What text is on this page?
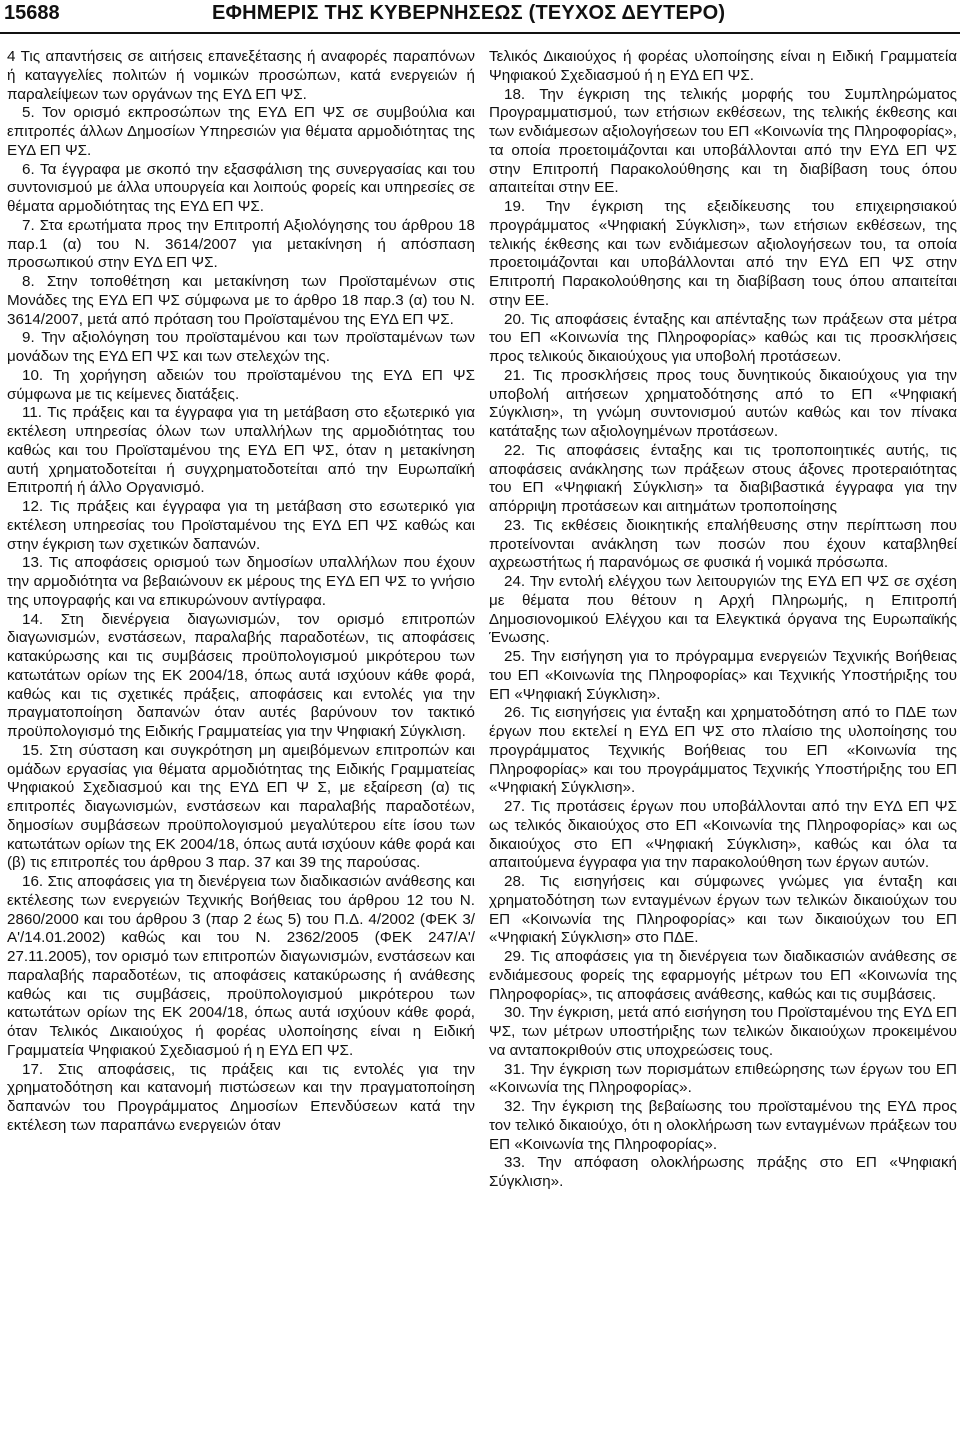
15688	ΕΦΗΜΕΡΙΣ ΤΗΣ ΚΥΒΕΡΝΗΣΕΩΣ (ΤΕΥΧΟΣ ΔΕΥΤΕΡΟ)

4 Τις απαντήσεις σε αιτήσεις επανεξέτασης ή αναφορές παραπόνων ή καταγγελίες πολιτών ή νομικών προσώπων, κατά ενεργειών ή παραλείψεων των οργάνων της ΕΥΔ ΕΠ ΨΣ.

5. Τον ορισμό εκπροσώπων της ΕΥΔ ΕΠ ΨΣ σε συμβούλια και επιτροπές άλλων Δημοσίων Υπηρεσιών για θέματα αρμοδιότητας της ΕΥΔ ΕΠ ΨΣ.

6. Τα έγγραφα με σκοπό την εξασφάλιση της συνεργασίας και του συντονισμού με άλλα υπουργεία και λοιπούς φορείς και υπηρεσίες σε θέματα αρμοδιότητας της ΕΥΔ ΕΠ ΨΣ.

7. Στα ερωτήματα προς την Επιτροπή Αξιολόγησης του άρθρου 18 παρ.1 (α) του Ν. 3614/2007 για μετακίνηση ή απόσπαση προσωπικού στην ΕΥΔ ΕΠ ΨΣ.

8. Στην τοποθέτηση και μετακίνηση των Προϊσταμένων στις Μονάδες της ΕΥΔ ΕΠ ΨΣ σύμφωνα με το άρθρο 18 παρ.3 (α) του Ν. 3614/2007, μετά από πρόταση του Προϊσταμένου της ΕΥΔ ΕΠ ΨΣ.

9. Την αξιολόγηση του προϊσταμένου και των προϊσταμένων των μονάδων της ΕΥΔ ΕΠ ΨΣ και των στελεχών της.

10. Τη χορήγηση αδειών του προϊσταμένου της ΕΥΔ ΕΠ ΨΣ σύμφωνα με τις κείμενες διατάξεις.

11. Τις πράξεις και τα έγγραφα για τη μετάβαση στο εξωτερικό για εκτέλεση υπηρεσίας όλων των υπαλλήλων της αρμοδιότητας του καθώς και του Προϊσταμένου της ΕΥΔ ΕΠ ΨΣ, όταν η μετακίνηση αυτή χρηματοδοτείται ή συγχρηματοδοτείται από την Ευρωπαϊκή Επιτροπή ή άλλο Οργανισμό.

12. Τις πράξεις και έγγραφα για τη μετάβαση στο εσωτερικό για εκτέλεση υπηρεσίας του Προϊσταμένου της ΕΥΔ ΕΠ ΨΣ καθώς και στην έγκριση των σχετικών δαπανών.

13. Τις αποφάσεις ορισμού των δημοσίων υπαλλήλων που έχουν την αρμοδιότητα να βεβαιώνουν εκ μέρους της ΕΥΔ ΕΠ ΨΣ το γνήσιο της υπογραφής και να επικυρώνουν αντίγραφα.

14. Στη διενέργεια διαγωνισμών, τον ορισμό επιτροπών διαγωνισμών, ενστάσεων, παραλαβής παραδοτέων, τις αποφάσεις κατακύρωσης και τις συμβάσεις προϋπολογισμού μικρότερου των κατωτάτων ορίων της ΕΚ 2004/18, όπως αυτά ισχύουν κάθε φορά, καθώς και τις σχετικές πράξεις, αποφάσεις και εντολές για την πραγματοποίηση δαπανών όταν αυτές βαρύνουν τον τακτικό προϋπολογισμό της Ειδικής Γραμματείας για την Ψηφιακή Σύγκλιση.

15. Στη σύσταση και συγκρότηση μη αμειβόμενων επιτροπών και ομάδων εργασίας για θέματα αρμοδιότητας της Ειδικής Γραμματείας Ψηφιακού Σχεδιασμού και της ΕΥΔ ΕΠ Ψ Σ, με εξαίρεση (α) τις επιτροπές διαγωνισμών, ενστάσεων και παραλαβής παραδοτέων, δημοσίων συμβάσεων προϋπολογισμού μεγαλύτερου είτε ίσου των κατωτάτων ορίων της ΕΚ 2004/18, όπως αυτά ισχύουν κάθε φορά και (β) τις επιτροπές του άρθρου 3 παρ. 37 και 39 της παρούσας.

16. Στις αποφάσεις για τη διενέργεια των διαδικασιών ανάθεσης και εκτέλεσης των ενεργειών Τεχνικής Βοήθειας του άρθρου 12 του Ν. 2860/2000 και του άρθρου 3 (παρ 2 έως 5) του Π.Δ. 4/2002 (ΦΕΚ 3/Α'/14.01.2002) καθώς και του Ν. 2362/2005 (ΦΕΚ 247/Α'/ 27.11.2005), τον ορισμό των επιτροπών διαγωνισμών, ενστάσεων και παραλαβής παραδοτέων, τις αποφάσεις κατακύρωσης ή ανάθεσης καθώς και τις συμβάσεις, προϋπολογισμού μικρότερου των κατωτάτων ορίων της ΕΚ 2004/18, όπως αυτά ισχύουν κάθε φορά, όταν Τελικός Δικαιούχος ή φορέας υλοποίησης είναι η Ειδική Γραμματεία Ψηφιακού Σχεδιασμού ή η ΕΥΔ ΕΠ ΨΣ.

17. Στις αποφάσεις, τις πράξεις και τις εντολές για την χρηματοδότηση και κατανομή πιστώσεων και την πραγματοποίηση δαπανών του Προγράμματος Δημοσίων Επενδύσεων κατά την εκτέλεση των παραπάνω ενεργειών όταν

Τελικός Δικαιούχος ή φορέας υλοποίησης είναι η Ειδική Γραμματεία Ψηφιακού Σχεδιασμού ή η ΕΥΔ ΕΠ ΨΣ.

18. Την έγκριση της τελικής μορφής του Συμπληρώματος Προγραμματισμού, των ετήσιων εκθέσεων, της τελικής έκθεσης και των ενδιάμεσων αξιολογήσεων του ΕΠ «Κοινωνία της Πληροφορίας», τα οποία προετοιμάζονται και υποβάλλονται από την ΕΥΔ ΕΠ ΨΣ στην Επιτροπή Παρακολούθησης και τη διαβίβαση τους όπου απαιτείται στην ΕΕ.

19. Την έγκριση της εξειδίκευσης του επιχειρησιακού προγράμματος «Ψηφιακή Σύγκλιση», των ετήσιων εκθέσεων, της τελικής έκθεσης και των ενδιάμεσων αξιολογήσεων του, τα οποία προετοιμάζονται και υποβάλλονται από την ΕΥΔ ΕΠ ΨΣ στην Επιτροπή Παρακολούθησης και τη διαβίβαση τους όπου απαιτείται στην ΕΕ.

20. Τις αποφάσεις ένταξης και απένταξης των πράξεων στα μέτρα του ΕΠ «Κοινωνία της Πληροφορίας» καθώς και τις προσκλήσεις προς τελικούς δικαιούχους για υποβολή προτάσεων.

21. Τις προσκλήσεις προς τους δυνητικούς δικαιούχους για την υποβολή αιτήσεων χρηματοδότησης από το ΕΠ «Ψηφιακή Σύγκλιση», τη γνώμη συντονισμού αυτών καθώς και τον πίνακα κατάταξης των αξιολογημένων προτάσεων.

22. Τις αποφάσεις ένταξης και τις τροποποιητικές αυτής, τις αποφάσεις ανάκλησης των πράξεων στους άξονες προτεραιότητας του ΕΠ «Ψηφιακή Σύγκλιση» τα διαβιβαστικά έγγραφα για την απόρριψη προτάσεων και αιτημάτων τροποποίησης

23. Τις εκθέσεις διοικητικής επαλήθευσης στην περίπτωση που προτείνονται ανάκληση των ποσών που έχουν καταβληθεί αχρεωστήτως ή παρανόμως σε φυσικά ή νομικά πρόσωπα.

24. Την εντολή ελέγχου των λειτουργιών της ΕΥΔ ΕΠ ΨΣ σε σχέση με θέματα που θέτουν η Αρχή Πληρωμής, η Επιτροπή Δημοσιονομικού Ελέγχου και τα Ελεγκτικά όργανα της Ευρωπαϊκής Ένωσης.

25. Την εισήγηση για το πρόγραμμα ενεργειών Τεχνικής Βοήθειας του ΕΠ «Κοινωνία της Πληροφορίας» και Τεχνικής Υποστήριξης του ΕΠ «Ψηφιακή Σύγκλιση».

26. Τις εισηγήσεις για ένταξη και χρηματοδότηση από το ΠΔΕ των έργων που εκτελεί η ΕΥΔ ΕΠ ΨΣ στο πλαίσιο της υλοποίησης του προγράμματος Τεχνικής Βοήθειας του ΕΠ «Κοινωνία της Πληροφορίας» και του προγράμματος Τεχνικής Υποστήριξης του ΕΠ «Ψηφιακή Σύγκλιση».

27. Τις προτάσεις έργων που υποβάλλονται από την ΕΥΔ ΕΠ ΨΣ ως τελικός δικαιούχος στο ΕΠ «Κοινωνία της Πληροφορίας» και ως δικαιούχος στο ΕΠ «Ψηφιακή Σύγκλιση», καθώς και όλα τα απαιτούμενα έγγραφα για την παρακολούθηση των έργων αυτών.

28. Τις εισηγήσεις και σύμφωνες γνώμες για ένταξη και χρηματοδότηση των ενταγμένων έργων των τελικών δικαιούχων του ΕΠ «Κοινωνία της Πληροφορίας» και των δικαιούχων του ΕΠ «Ψηφιακή Σύγκλιση» στο ΠΔΕ.

29. Τις αποφάσεις για τη διενέργεια των διαδικασιών ανάθεσης σε ενδιάμεσους φορείς της εφαρμογής μέτρων του ΕΠ «Κοινωνία της Πληροφορίας», τις αποφάσεις ανάθεσης, καθώς και τις συμβάσεις.

30. Την έγκριση, μετά από εισήγηση του Προϊσταμένου της ΕΥΔ ΕΠ ΨΣ, των μέτρων υποστήριξης των τελικών δικαιούχων προκειμένου να ανταποκριθούν στις υποχρεώσεις τους.

31. Την έγκριση των πορισμάτων επιθεώρησης των έργων του ΕΠ «Κοινωνία της Πληροφορίας».

32. Την έγκριση της βεβαίωσης του προϊσταμένου της ΕΥΔ προς τον τελικό δικαιούχο, ότι η ολοκλήρωση των ενταγμένων πράξεων του ΕΠ «Κοινωνία της Πληροφορίας».

33. Την απόφαση ολοκλήρωσης πράξης στο ΕΠ «Ψηφιακή Σύγκλιση».
